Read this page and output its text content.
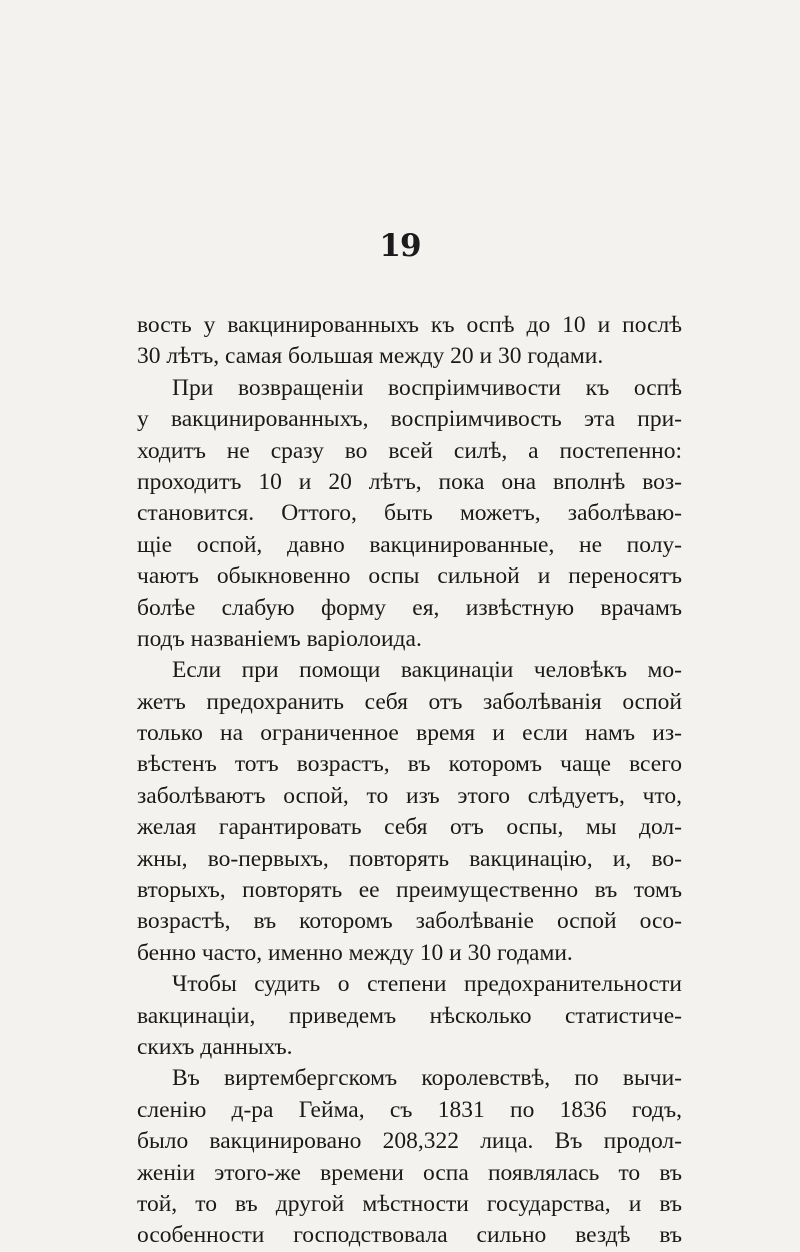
19
вость у вакцинированныхъ къ оспѣ до 10 и послѣ
30 лѣтъ, самая большая между 20 и 30 годами.
При возвращеніи воспріимчивости къ оспѣ
у вакцинированныхъ, воспріимчивость эта при-
ходитъ не сразу во всей силѣ, а постепенно:
проходитъ 10 и 20 лѣтъ, пока она вполнѣ воз-
становится. Оттого, быть можетъ, заболѣваю-
щіе оспой, давно вакцинированные, не полу-
чаютъ обыкновенно оспы сильной и переносятъ
болѣе слабую форму ея, извѣстную врачамъ
подъ названіемъ варіолоида.
Если при помощи вакцинаціи человѣкъ мо-
жетъ предохранить себя отъ заболѣванія оспой
только на ограниченное время и если намъ из-
вѣстенъ тотъ возрастъ, въ которомъ чаще всего
заболѣваютъ оспой, то изъ этого слѣдуетъ, что,
желая гарантировать себя отъ оспы, мы дол-
жны, во-первыхъ, повторять вакцинацію, и, во-
вторыхъ, повторять ее преимущественно въ томъ
возрастѣ, въ которомъ заболѣваніе оспой осо-
бенно часто, именно между 10 и 30 годами.
Чтобы судить о степени предохранительности
вакцинаціи, приведемъ нѣсколько статистиче-
скихъ данныхъ.
Въ виртембергскомъ королевствѣ, по вычи-
сленію д-ра Гейма, съ 1831 по 1836 годъ,
было вакцинировано 208,322 лица. Въ продол-
женіи этого-же времени оспа появлялась то въ
той, то въ другой мѣстности государства, и въ
особенности господствовала сильно вездѣ въ
